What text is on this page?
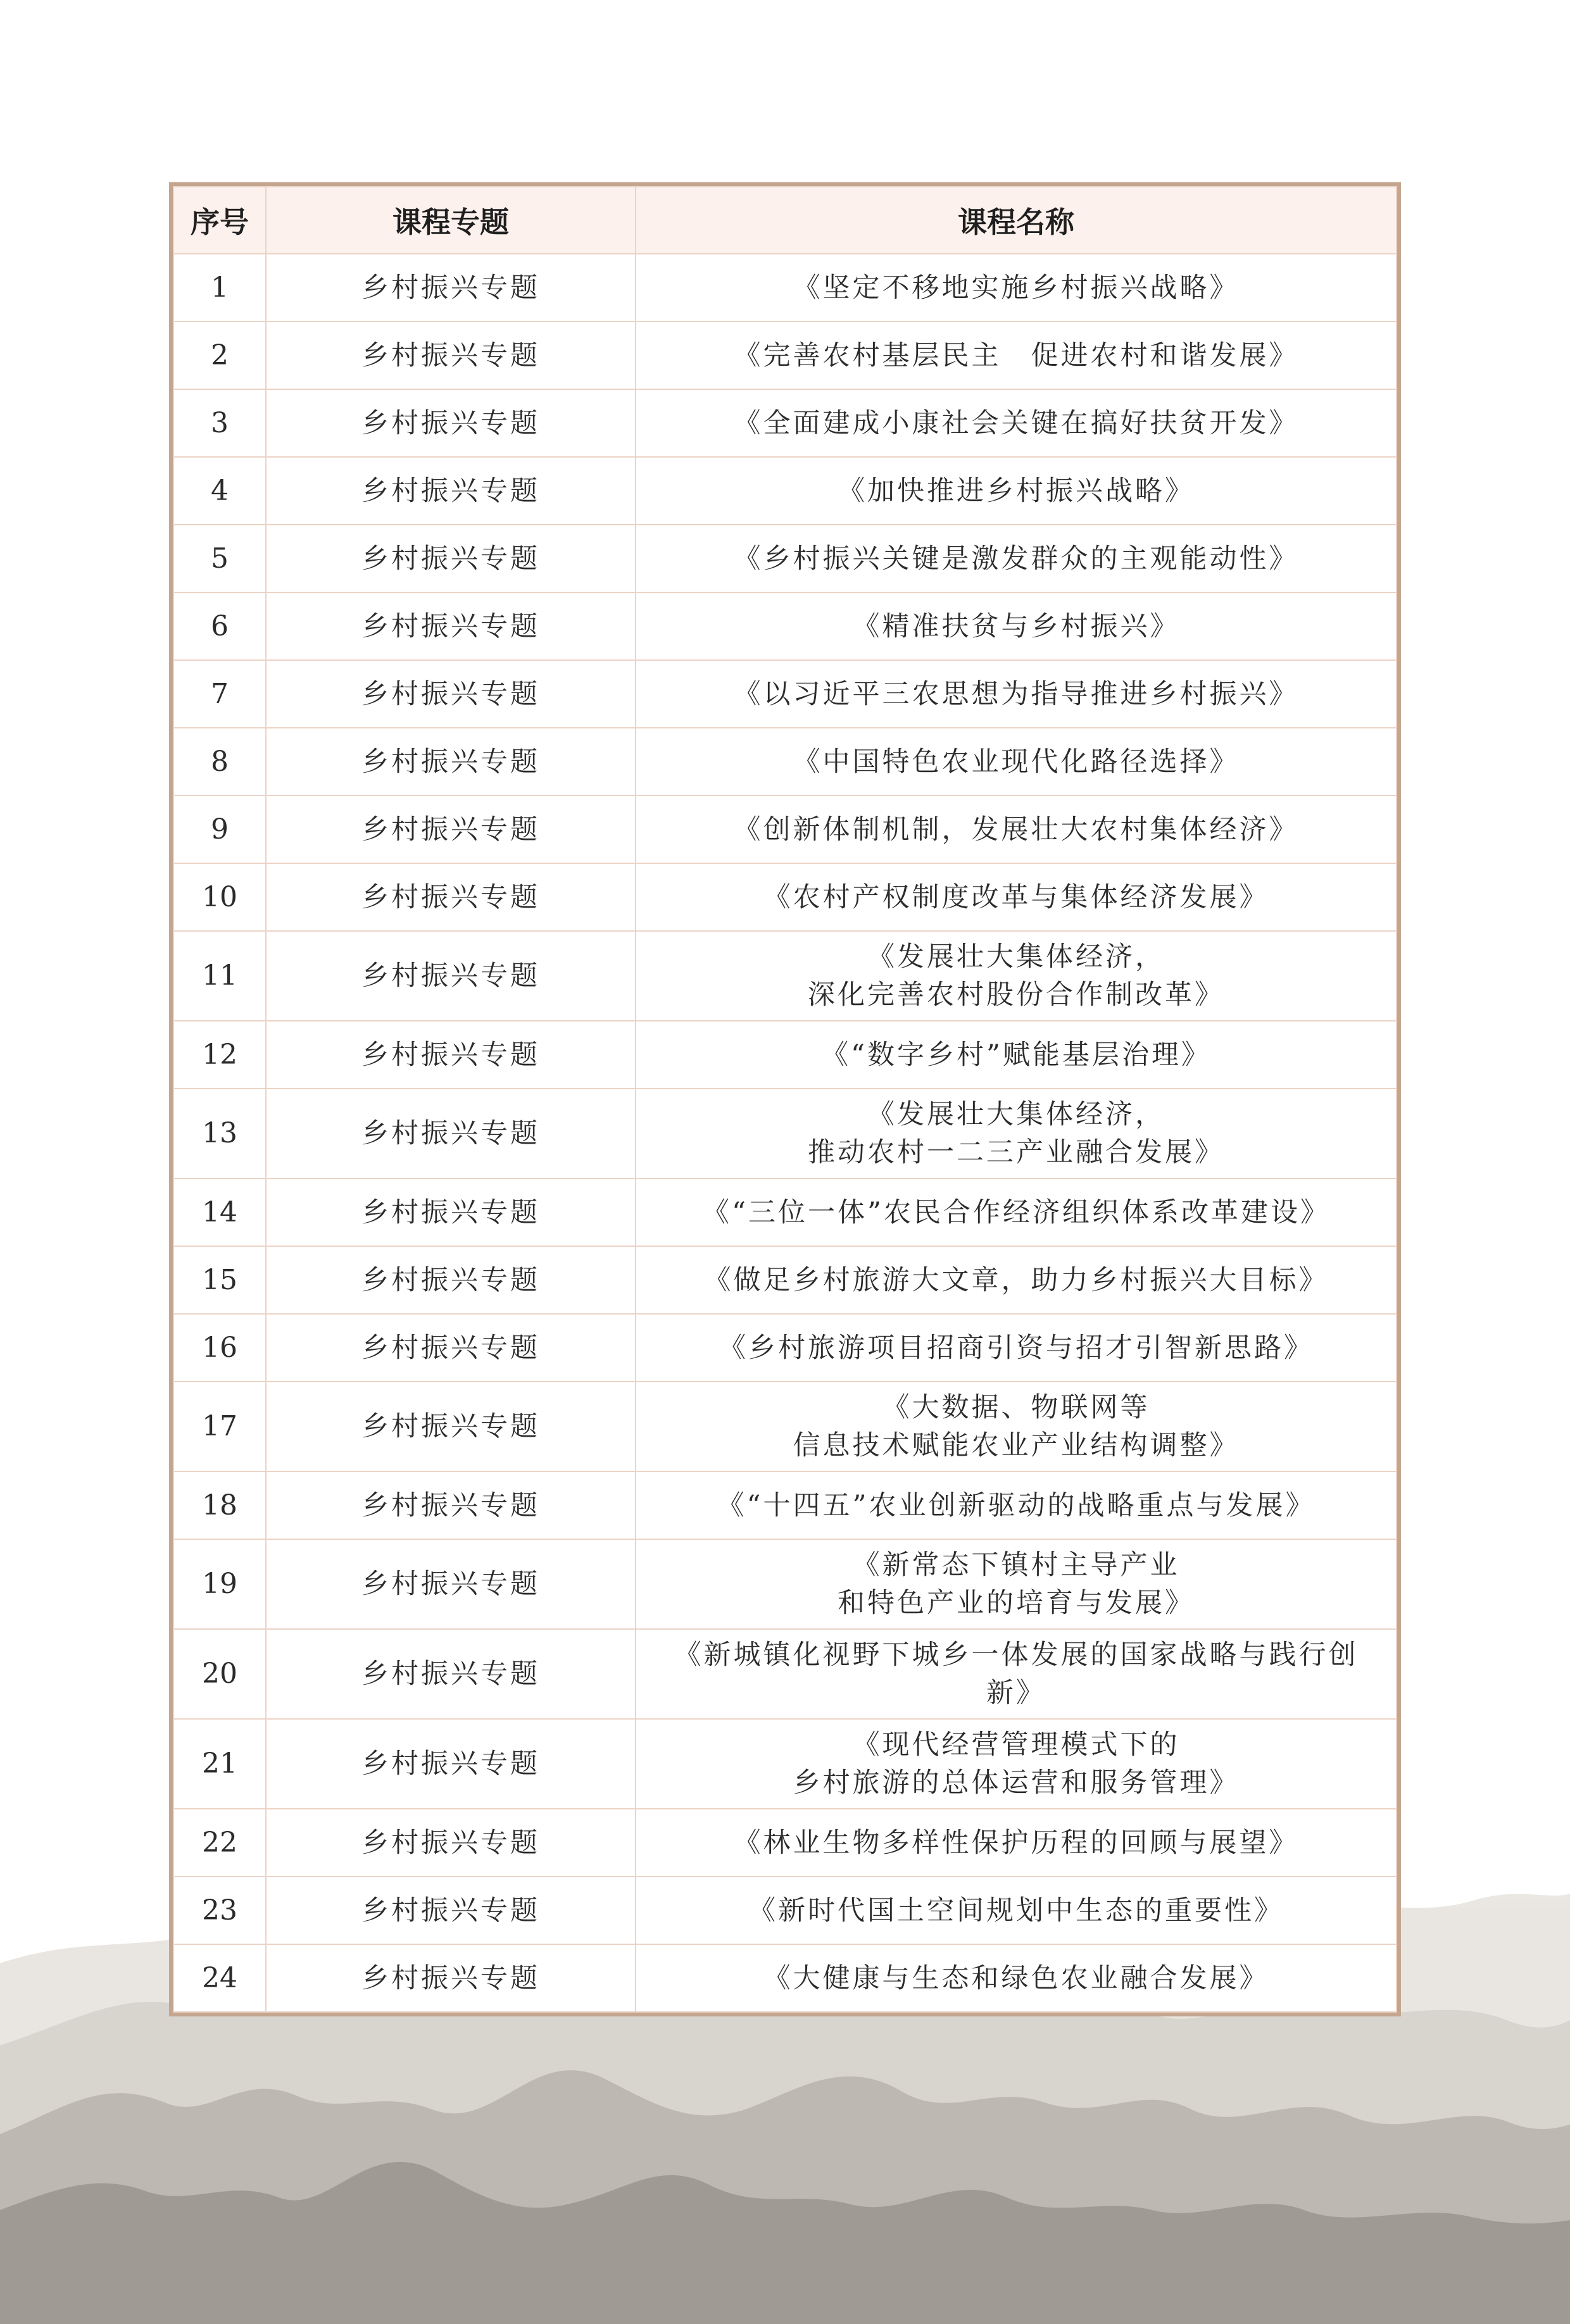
序号	课程专题	课程名称
1	乡村振兴专题	《坚定不移地实施乡村振兴战略》

2	乡村振兴专题	《完善农村基层民主　促进农村和谐发展》

3	乡村振兴专题	《全面建成小康社会关键在搞好扶贫开发》

4	乡村振兴专题	《加快推进乡村振兴战略》

5	乡村振兴专题	《乡村振兴关键是激发群众的主观能动性》

6	乡村振兴专题	《精准扶贫与乡村振兴》

7	乡村振兴专题	《以习近平三农思想为指导推进乡村振兴》

8	乡村振兴专题	《中国特色农业现代化路径选择》

9	乡村振兴专题	《创新体制机制，发展壮大农村集体经济》

10	乡村振兴专题	《农村产权制度改革与集体经济发展》

11	乡村振兴专题	《发展壮大集体经济，
深化完善农村股份合作制改革》

12	乡村振兴专题	《“数字乡村”赋能基层治理》

13	乡村振兴专题	《发展壮大集体经济，
推动农村一二三产业融合发展》

14	乡村振兴专题	《“三位一体”农民合作经济组织体系改革建设》

15	乡村振兴专题	《做足乡村旅游大文章，助力乡村振兴大目标》

16	乡村振兴专题	《乡村旅游项目招商引资与招才引智新思路》

17	乡村振兴专题	《大数据、物联网等
信息技术赋能农业产业结构调整》

18	乡村振兴专题	《“十四五”农业创新驱动的战略重点与发展》

19	乡村振兴专题	《新常态下镇村主导产业
和特色产业的培育与发展》

20	乡村振兴专题	《新城镇化视野下城乡一体发展的国家战略与践行创
新》

21	乡村振兴专题	《现代经营管理模式下的
乡村旅游的总体运营和服务管理》

22	乡村振兴专题	《林业生物多样性保护历程的回顾与展望》

23	乡村振兴专题	《新时代国土空间规划中生态的重要性》

24	乡村振兴专题	《大健康与生态和绿色农业融合发展》
